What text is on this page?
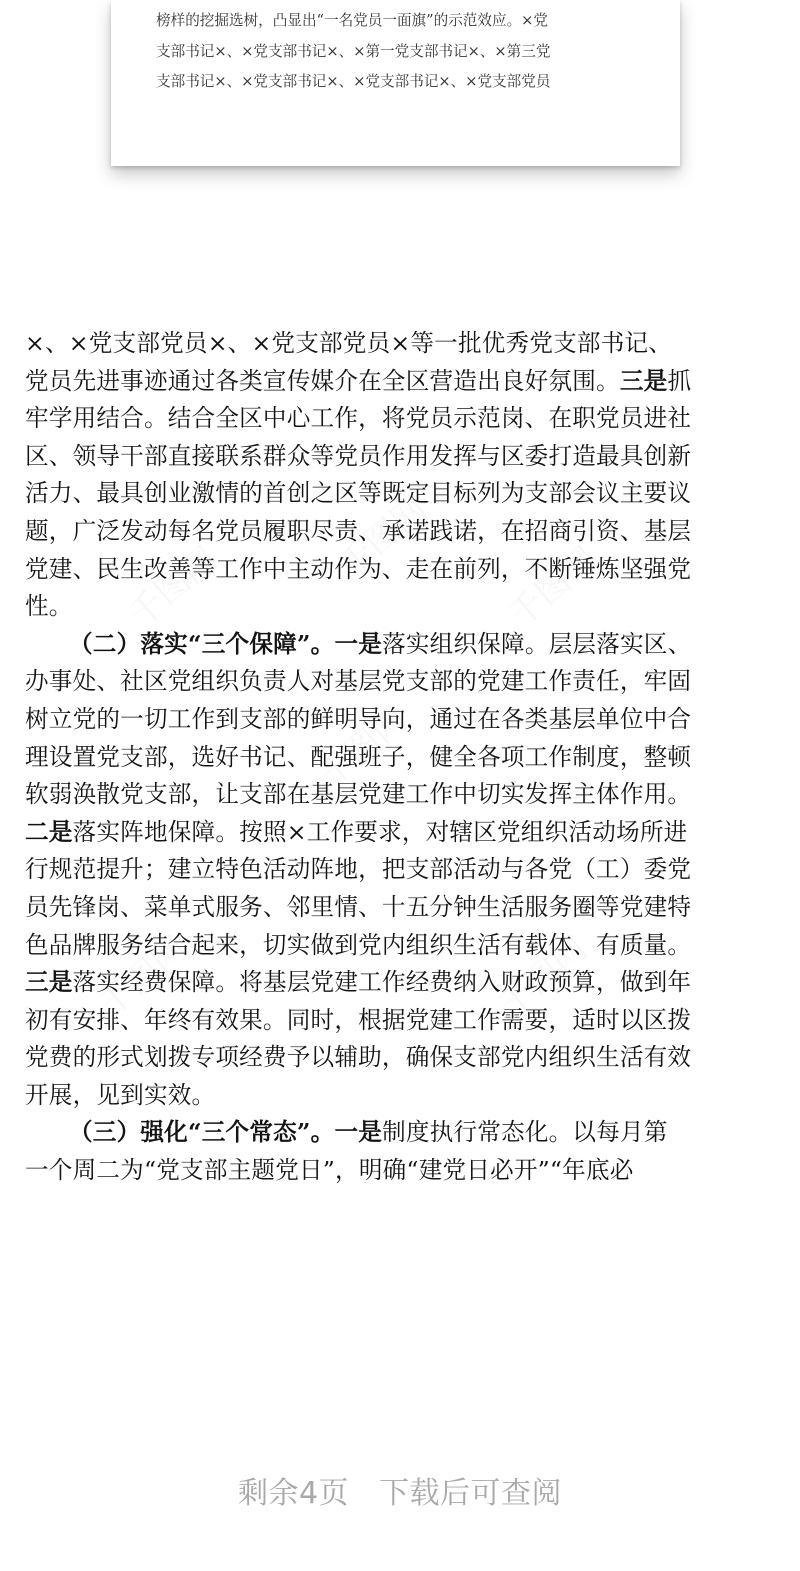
榜样的挖掘选树，凸显出“一名党员一面旗”的示范效应。×党
支部书记×、×党支部书记×、×第一党支部书记×、×第三党
支部书记×、×党支部书记×、×党支部书记×、×党支部党员
×、×党支部党员×、×党支部党员×等一批优秀党支部书记、
党员先进事迹通过各类宣传媒介在全区营造出良好氛围。三是抓
牢学用结合。结合全区中心工作，将党员示范岗、在职党员进社
区、领导干部直接联系群众等党员作用发挥与区委打造最具创新
活力、最具创业激情的首创之区等既定目标列为支部会议主要议
题，广泛发动每名党员履职尽责、承诺践诺，在招商引资、基层
党建、民生改善等工作中主动作为、走在前列，不断锤炼坚强党
性。
（二）落实“三个保障”。一是落实组织保障。层层落实区、
办事处、社区党组织负责人对基层党支部的党建工作责任，牢固
树立党的一切工作到支部的鲜明导向，通过在各类基层单位中合
理设置党支部，选好书记、配强班子，健全各项工作制度，整顿
软弱涣散党支部，让支部在基层党建工作中切实发挥主体作用。
二是落实阵地保障。按照×工作要求，对辖区党组织活动场所进
行规范提升；建立特色活动阵地，把支部活动与各党（工）委党
员先锋岗、菜单式服务、邻里情、十五分钟生活服务圈等党建特
色品牌服务结合起来，切实做到党内组织生活有载体、有质量。
三是落实经费保障。将基层党建工作经费纳入财政预算，做到年
初有安排、年终有效果。同时，根据党建工作需要，适时以区拨
党费的形式划拨专项经费予以辅助，确保支部党内组织生活有效
开展，见到实效。
（三）强化“三个常态”。一是制度执行常态化。以每月第
一个周二为“党支部主题党日”，明确“建党日必开”“年底必
剩余4页 下载后可查阅
